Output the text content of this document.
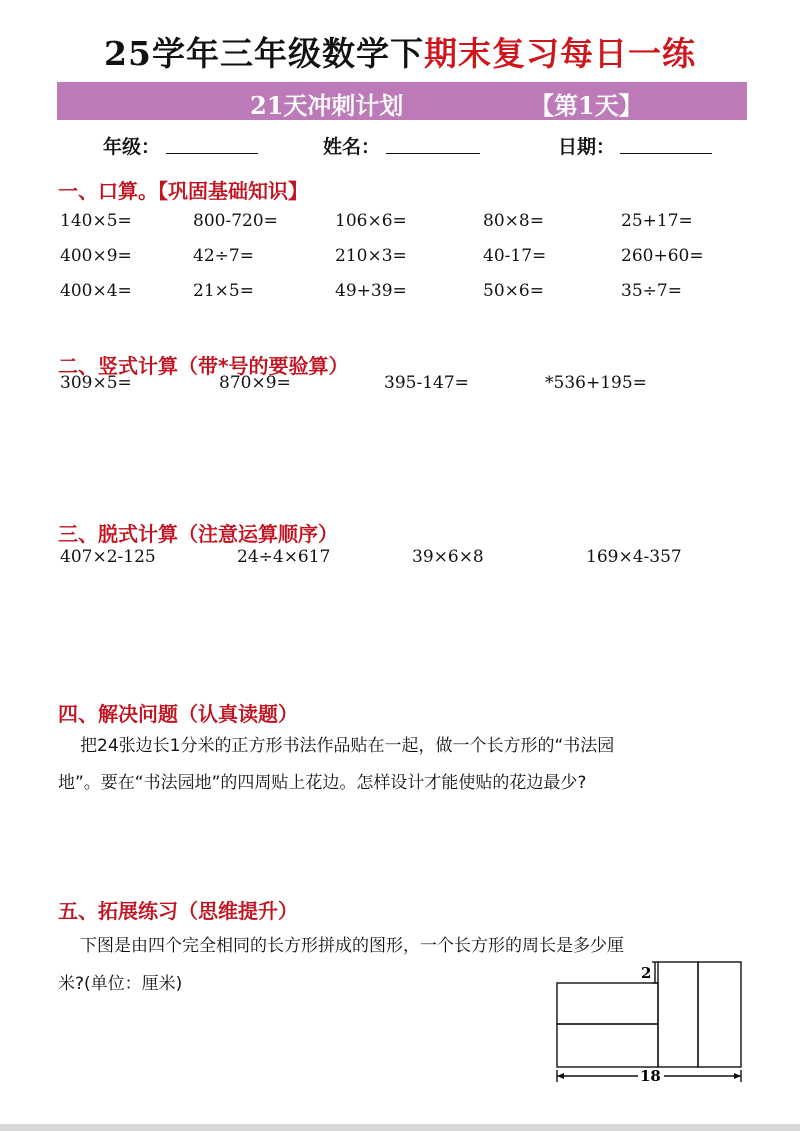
25学年三年级数学下期末复习每日一练
21天冲刺计划	【第1天】
年级：	姓名：	日期：
一、口算。【巩固基础知识】
140×5=	800-720=	106×6=	80×8=	25+17=
400×9=	42÷7=	210×3=	40-17=	260+60=
400×4=	21×5=	49+39=	50×6=	35÷7=
二、竖式计算（带*号的要验算）
309×5=	870×9=	395-147=	*536+195=
三、脱式计算（注意运算顺序）
407×2-125	24÷4×617	39×6×8	169×4-357
四、解决问题（认真读题）
把24张边长1分米的正方形书法作品贴在一起，做一个长方形的“书法园
地”。要在“书法园地”的四周贴上花边。怎样设计才能使贴的花边最少?
五、拓展练习（思维提升）
下图是由四个完全相同的长方形拼成的图形，一个长方形的周长是多少厘
米?(单位：厘米)
2
18
